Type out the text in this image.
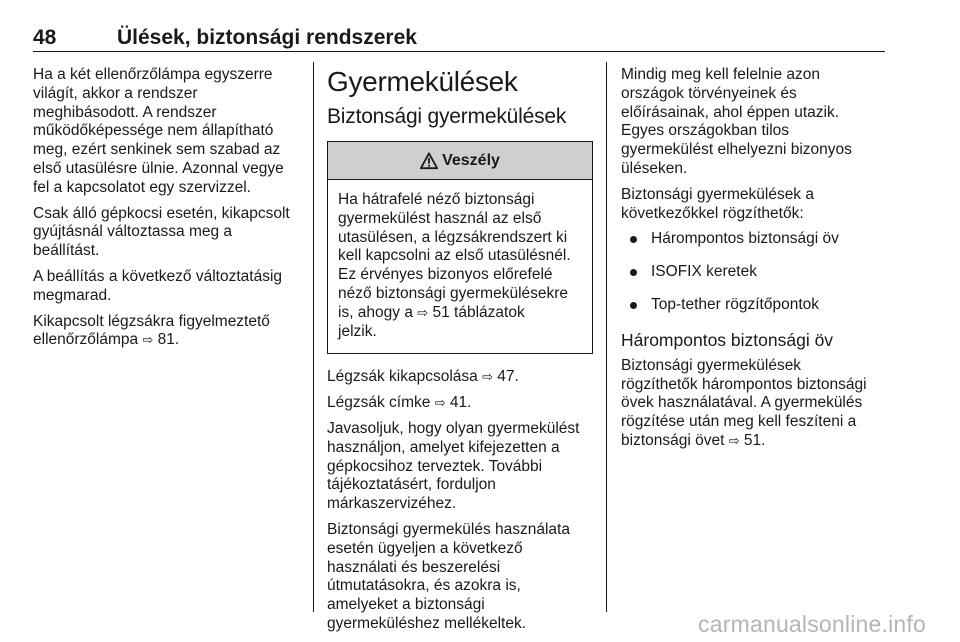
48	Ülések, biztonsági rendszerek
Ha a két ellenőrzőlámpa egyszerre
világít, akkor a rendszer
meghibásodott. A rendszer
működőképessége nem állapítható
meg, ezért senkinek sem szabad az
első utasülésre ülnie. Azonnal vegye
fel a kapcsolatot egy szervizzel.
Csak álló gépkocsi esetén, kikapcsolt
gyújtásnál változtassa meg a
beállítást.
A beállítás a következő változtatásig
megmarad.
Kikapcsolt légzsákra figyelmeztető
ellenőrzőlámpa ⇨ 81.
Gyermekülések
Biztonsági gyermekülések
Veszély
Ha hátrafelé néző biztonsági
gyermekülést használ az első
utasülésen, a légzsákrendszert ki
kell kapcsolni az első utasülésnél.
Ez érvényes bizonyos előrefelé
néző biztonsági gyermekülésekre
is, ahogy a ⇨ 51 táblázatok
jelzik.
Légzsák kikapcsolása ⇨ 47.
Légzsák címke ⇨ 41.
Javasoljuk, hogy olyan gyermekülést
használjon, amelyet kifejezetten a
gépkocsihoz terveztek. További
tájékoztatásért, forduljon
márkaszervizéhez.
Biztonsági gyermekülés használata
esetén ügyeljen a következő
használati és beszerelési
útmutatásokra, és azokra is,
amelyeket a biztonsági
gyermeküléshez mellékeltek.
Mindig meg kell felelnie azon
országok törvényeinek és
előírásainak, ahol éppen utazik.
Egyes országokban tilos
gyermekülést elhelyezni bizonyos
üléseken.
Biztonsági gyermekülések a
következőkkel rögzíthetők:
Hárompontos biztonsági öv
ISOFIX keretek
Top-tether rögzítőpontok
Hárompontos biztonsági öv
Biztonsági gyermekülések
rögzíthetők hárompontos biztonsági
övek használatával. A gyermekülés
rögzítése után meg kell feszíteni a
biztonsági övet ⇨ 51.
carmanualsonline.info
